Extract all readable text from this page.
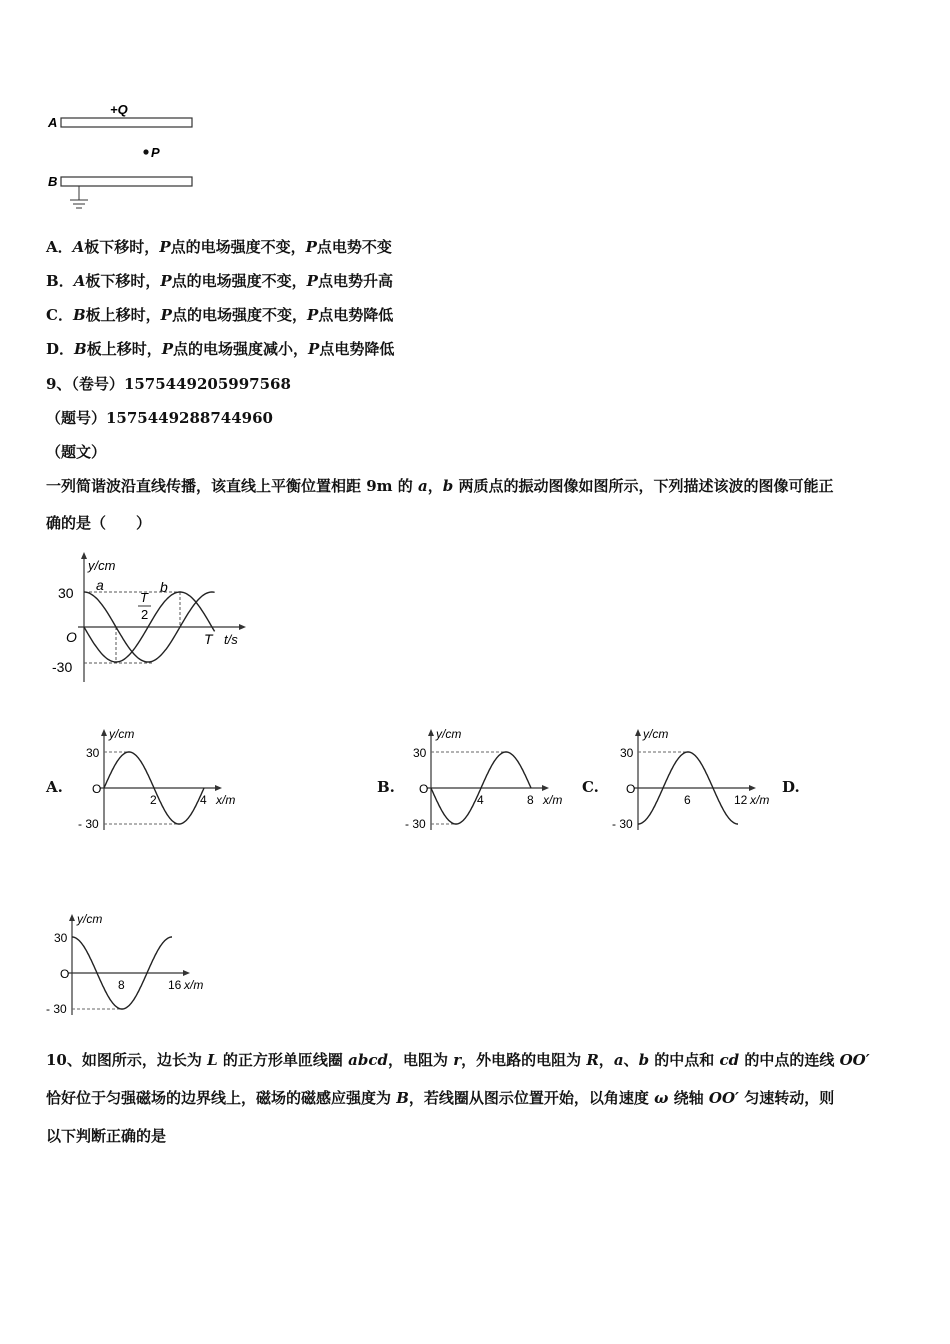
A
+Q
P
B
A．A板下移时，P点的电场强度不变，P点电势不变
B．A板下移时，P点的电场强度不变，P点电势升高
C．B板上移时，P点的电场强度不变，P点电势降低
D．B板上移时，P点的电场强度减小，P点电势降低
9、（卷号）1575449205997568
（题号）1575449288744960
（题文）
一列简谐波沿直线传播，该直线上平衡位置相距 9m 的 a，b 两质点的振动图像如图所示，下列描述该波的图像可能正
确的是（　　）
y/cm
30
-30
O
a	b
T
2
T t/s
A.	B.	C.	D.
y/cm
30
- 30
O
2	4 x/m
y/cm
30
- 30
O
4	8 x/m
y/cm
30
- 30
O
6	12 x/m
y/cm
30
- 30
O
8	16 x/m
10、如图所示，边长为 L 的正方形单匝线圈 abcd，电阻为 r，外电路的电阻为 R，a、b 的中点和 cd 的中点的连线 OO′
恰好位于匀强磁场的边界线上，磁场的磁感应强度为 B，若线圈从图示位置开始，以角速度 ω 绕轴 OO′ 匀速转动，则
以下判断正确的是
